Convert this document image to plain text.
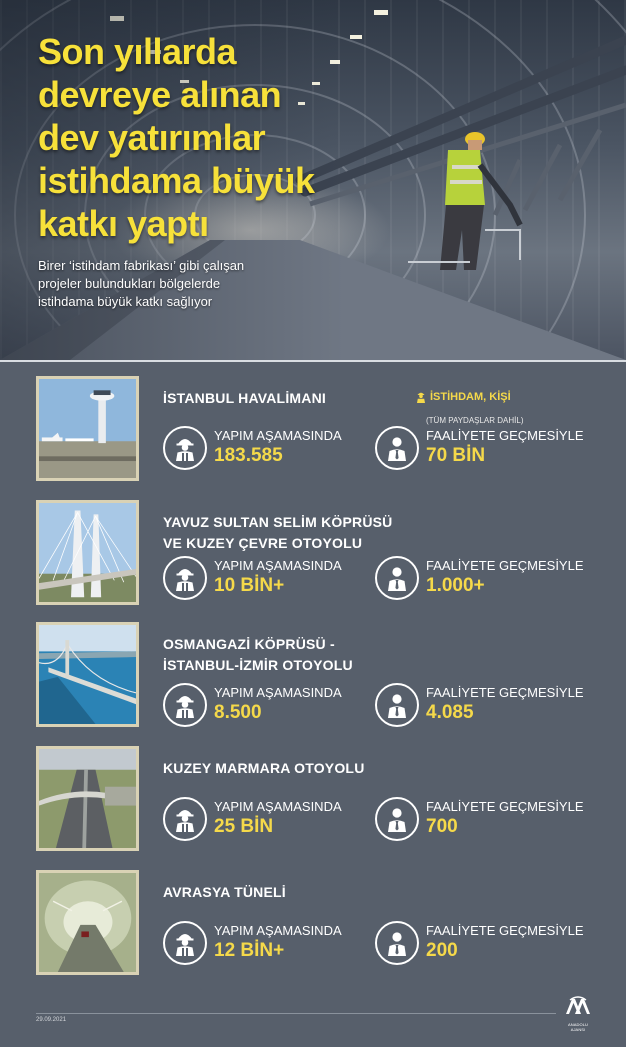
Son yıllarda
devreye alınan
dev yatırımlar
istihdama büyük
katkı yaptı
Birer ‘istihdam fabrikası’ gibi çalışan
projeler bulundukları bölgelerde
istihdama büyük katkı sağlıyor
İSTİHDAM, KİŞİ
İSTANBUL HAVALİMANI
YAPIM AŞAMASINDA
183.585
(TÜM PAYDAŞLAR DAHİL)
FAALİYETE GEÇMESİYLE
70 BİN
YAVUZ SULTAN SELİM KÖPRÜSÜ
VE KUZEY ÇEVRE OTOYOLU
YAPIM AŞAMASINDA
10 BİN+
FAALİYETE GEÇMESİYLE
1.000+
OSMANGAZİ KÖPRÜSÜ -
İSTANBUL-İZMİR OTOYOLU
YAPIM AŞAMASINDA
8.500
FAALİYETE GEÇMESİYLE
4.085
KUZEY MARMARA OTOYOLU
YAPIM AŞAMASINDA
25 BİN
FAALİYETE GEÇMESİYLE
700
AVRASYA TÜNELİ
YAPIM AŞAMASINDA
12 BİN+
FAALİYETE GEÇMESİYLE
200
29.09.2021
ANADOLU AJANSI
